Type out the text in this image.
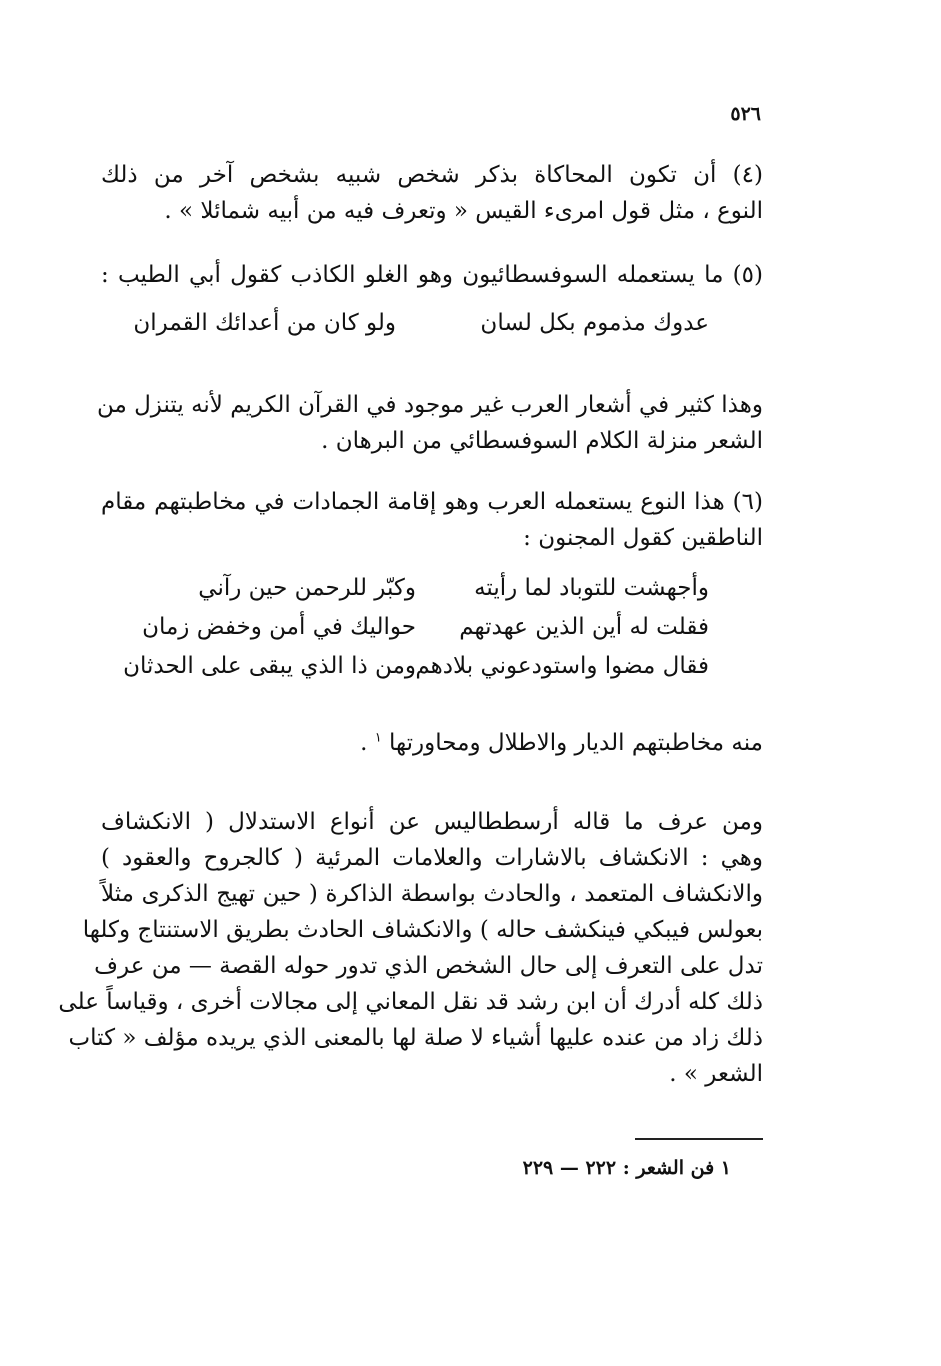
٥٢٦
(٤) أن تكون المحاكاة بذكر شخص شبيه بشخص آخر من ذلك
النوع ، مثل قول امرىء القيس « وتعرف فيه من أبيه شمائلا » .
(٥) ما يستعمله السوفسطائيون وهو الغلو الكاذب كقول أبي الطيب :
عدوك مذموم بكل لسان
ولو كان من أعدائك القمران
وهذا كثير في أشعار العرب غير موجود في القرآن الكريم لأنه يتنزل من
الشعر منزلة الكلام السوفسطائي من البرهان .
(٦) هذا النوع يستعمله العرب وهو إقامة الجمادات في مخاطبتهم مقام
الناطقين كقول المجنون :
وأجهشت للتوباد لما رأيته
وكبّر للرحمن حين رآني
فقلت له أين الذين عهدتهم
حواليك في أمن وخفض زمان
فقال مضوا واستودعوني بلادهم
ومن ذا الذي يبقى على الحدثان
منه مخاطبتهم الديار والاطلال ومحاورتها $^١$ .
ومن عرف ما قاله أرسططاليس عن أنواع الاستدلال ( الانكشاف
وهي : الانكشاف بالاشارات والعلامات المرئية ( كالجروح والعقود )
والانكشاف المتعمد ، والحادث بواسطة الذاكرة ( حين تهيج الذكرى مثلاً
بعولس فيبكي فينكشف حاله ) والانكشاف الحادث بطريق الاستنتاج وكلها
تدل على التعرف إلى حال الشخص الذي تدور حوله القصة — من عرف
ذلك كله أدرك أن ابن رشد قد نقل المعاني إلى مجالات أخرى ، وقياساً على
ذلك زاد من عنده عليها أشياء لا صلة لها بالمعنى الذي يريده مؤلف « كتاب
الشعر » .
١ فن الشعر : ٢٢٢ — ٢٢٩
